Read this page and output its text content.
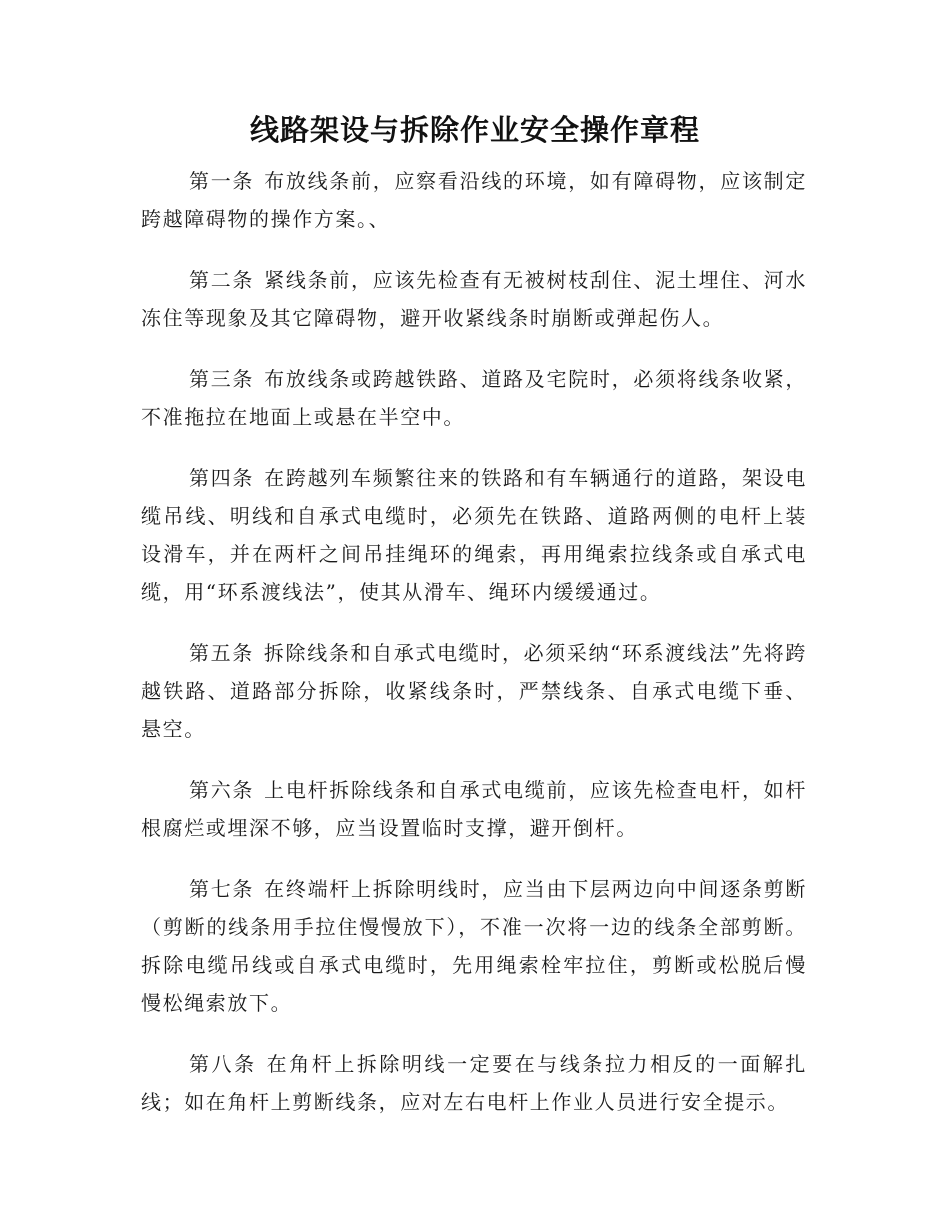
线路架设与拆除作业安全操作章程

第一条 布放线条前，应察看沿线的环境，如有障碍物，应该制定跨越障碍物的操作方案。、

第二条 紧线条前，应该先检查有无被树枝刮住、泥土埋住、河水冻住等现象及其它障碍物，避开收紧线条时崩断或弹起伤人。

第三条 布放线条或跨越铁路、道路及宅院时，必须将线条收紧，不准拖拉在地面上或悬在半空中。

第四条 在跨越列车频繁往来的铁路和有车辆通行的道路，架设电缆吊线、明线和自承式电缆时，必须先在铁路、道路两侧的电杆上装设滑车，并在两杆之间吊挂绳环的绳索，再用绳索拉线条或自承式电缆，用“环系渡线法”，使其从滑车、绳环内缓缓通过。

第五条 拆除线条和自承式电缆时，必须采纳“环系渡线法”先将跨越铁路、道路部分拆除，收紧线条时，严禁线条、自承式电缆下垂、悬空。

第六条 上电杆拆除线条和自承式电缆前，应该先检查电杆，如杆根腐烂或埋深不够，应当设置临时支撑，避开倒杆。

第七条 在终端杆上拆除明线时，应当由下层两边向中间逐条剪断（剪断的线条用手拉住慢慢放下），不准一次将一边的线条全部剪断。拆除电缆吊线或自承式电缆时，先用绳索栓牢拉住，剪断或松脱后慢慢松绳索放下。

第八条 在角杆上拆除明线一定要在与线条拉力相反的一面解扎线；如在角杆上剪断线条，应对左右电杆上作业人员进行安全提示。
